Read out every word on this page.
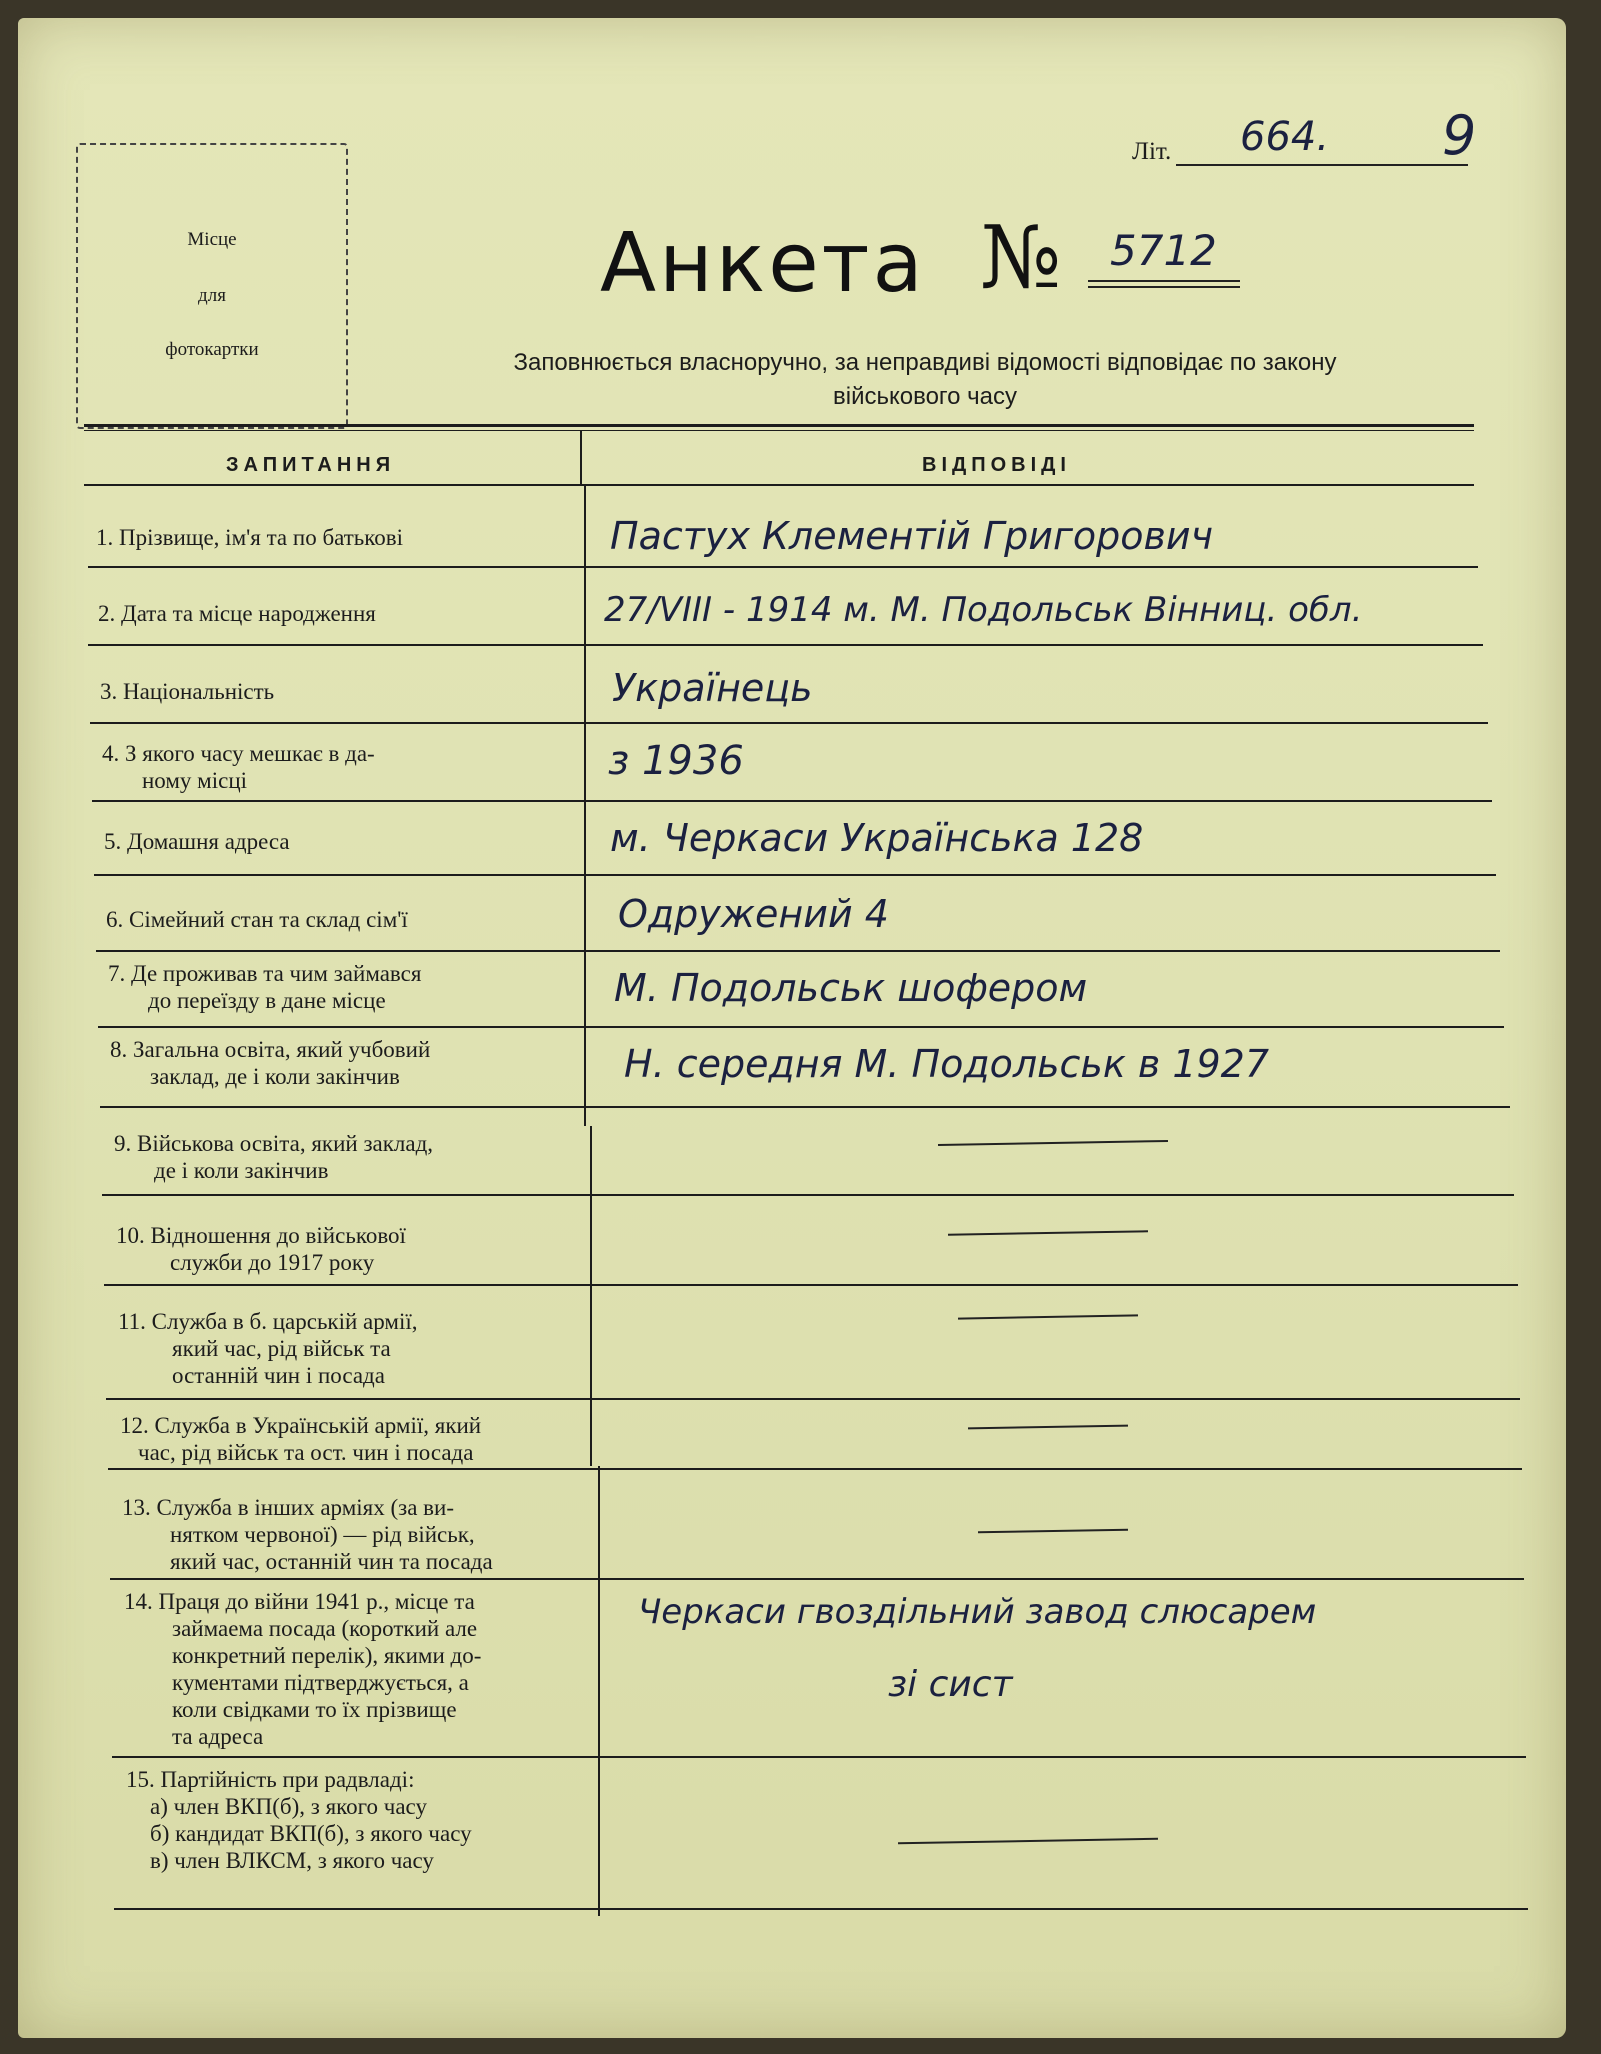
Літ. 664. 9
Місце
для
фотокартки
Анкета № 5712
Заповнюється власноручно, за неправдиві відомості відповідає по закону
військового часу
ЗАПИТАННЯ	ВІДПОВІДІ
1. Прізвище, ім'я та по батькові
2. Дата та місце народження
3. Національність
4. З якого часу мешкає в да-
ному місці
5. Домашня адреса
6. Сімейний стан та склад сім'ї
7. Де проживав та чим займався
до переїзду в дане місце
8. Загальна освіта, який учбовий
заклад, де і коли закінчив
9. Військова освіта, який заклад,
де і коли закінчив
10. Відношення до військової
служби до 1917 року
11. Служба в б. царській армії,
який час, рід військ та
останній чин і посада
12. Служба в Українській армії, який
час, рід військ та ост. чин і посада
13. Служба в інших арміях (за ви-
нятком червоної) — рід військ,
який час, останній чин та посада
14. Праця до війни 1941 р., місце та
займаема посада (короткий але
конкретний перелік), якими до-
кументами підтверджується, а
коли свідками то їх прізвище
та адреса
15. Партійність при радвладі:
а) член ВКП(б), з якого часу
б) кандидат ВКП(б), з якого часу
в) член ВЛКСМ, з якого часу
Пастух Клементій Григорович
27/VIII - 1914 м. М. Подольськ Вінниц. обл.
Українець
з 1936
м. Черкаси Українська 128
Одружений 4
М. Подольськ шофером
Н. середня М. Подольськ в 1927
Черкаси гвоздільний завод слюсарем
зі сист
